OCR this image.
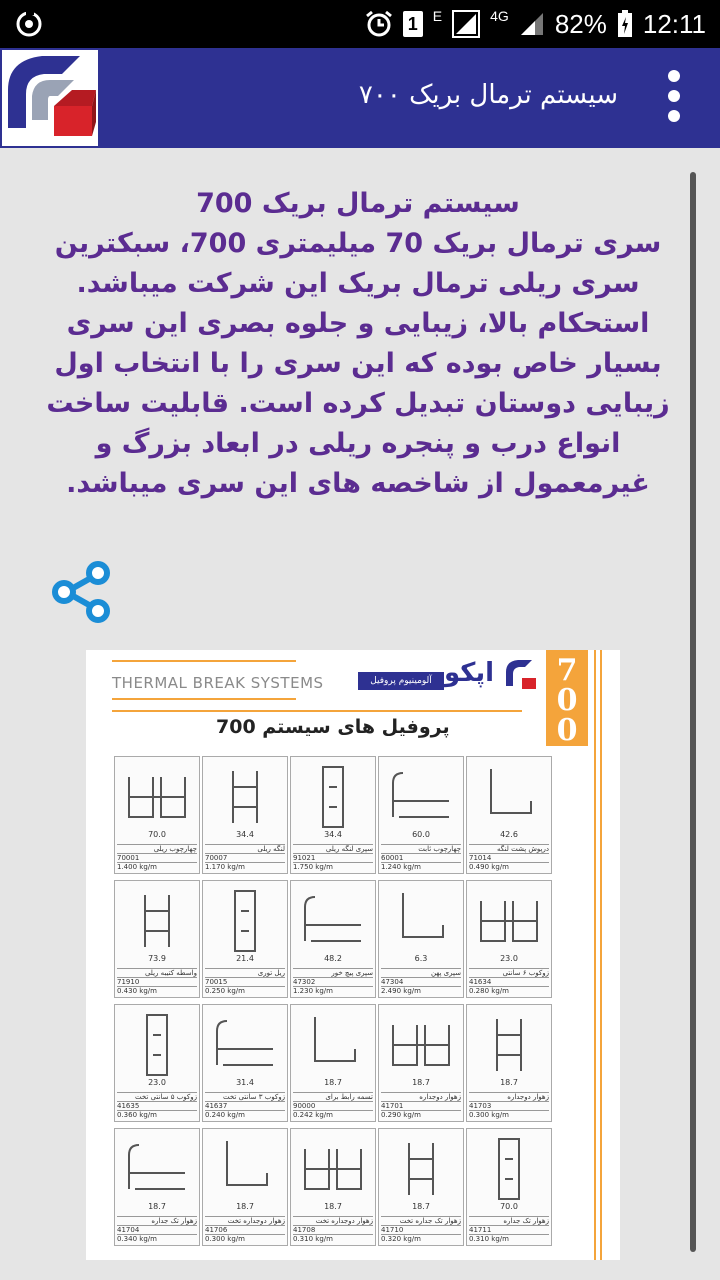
1	E	4G 82% 12:11
سیستم ترمال بریک ۷۰۰
سیستم ترمال بریک 700
سری ترمال بریک 70 میلیمتری 700، سبکترین سری ریلی ترمال بریک این شرکت میباشد. استحکام بالا، زیبایی و جلوه بصری این سری بسیار خاص بوده که این سری را با انتخاب اول زیبایی دوستان تبدیل کرده است. قابلیت ساخت انواع درب و پنجره ریلی در ابعاد بزرگ و غیرمعمول از شاخصه های این سری میباشد.
THERMAL BREAK SYSTEMS	آلومینیوم پروفیل سپاهان
اپکو
پروفیل های سیستم 700
7
0
0
70.0
چهارچوب ریلی
70001
1.400 kg/m
34.4
لنگه ریلی
70007
1.170 kg/m
34.4
سپری لنگه ریلی
91021
1.750 kg/m
60.0
چهارچوب ثابت
60001
1.240 kg/m
42.6
درپوش پشت لنگه
71014
0.490 kg/m
73.9
واسطه کتیبه ریلی
71910
0.430 kg/m
21.4
ریل توری
70015
0.250 kg/m
48.2
سپری پیچ خور
47302
1.230 kg/m
6.3
سپری پهن
47304
2.490 kg/m
23.0
زوکوب ۶ سانتی
41634
0.280 kg/m
23.0
زوکوب ۵ سانتی تخت
41635
0.360 kg/m
31.4
زوکوب ۳ سانتی تخت
41637
0.240 kg/m
18.7
تسمه رابط برای
90000
0.242 kg/m
18.7
زهوار دوجداره
41701
0.290 kg/m
18.7
زهوار دوجداره
41703
0.300 kg/m
18.7
زهوار تک جداره
41704
0.340 kg/m
18.7
زهوار دوجداره تخت
41706
0.300 kg/m
18.7
زهوار دوجداره تخت
41708
0.310 kg/m
18.7
زهوار تک جداره تخت
41710
0.320 kg/m
70.0
زهوار تک جداره
41711
0.310 kg/m
